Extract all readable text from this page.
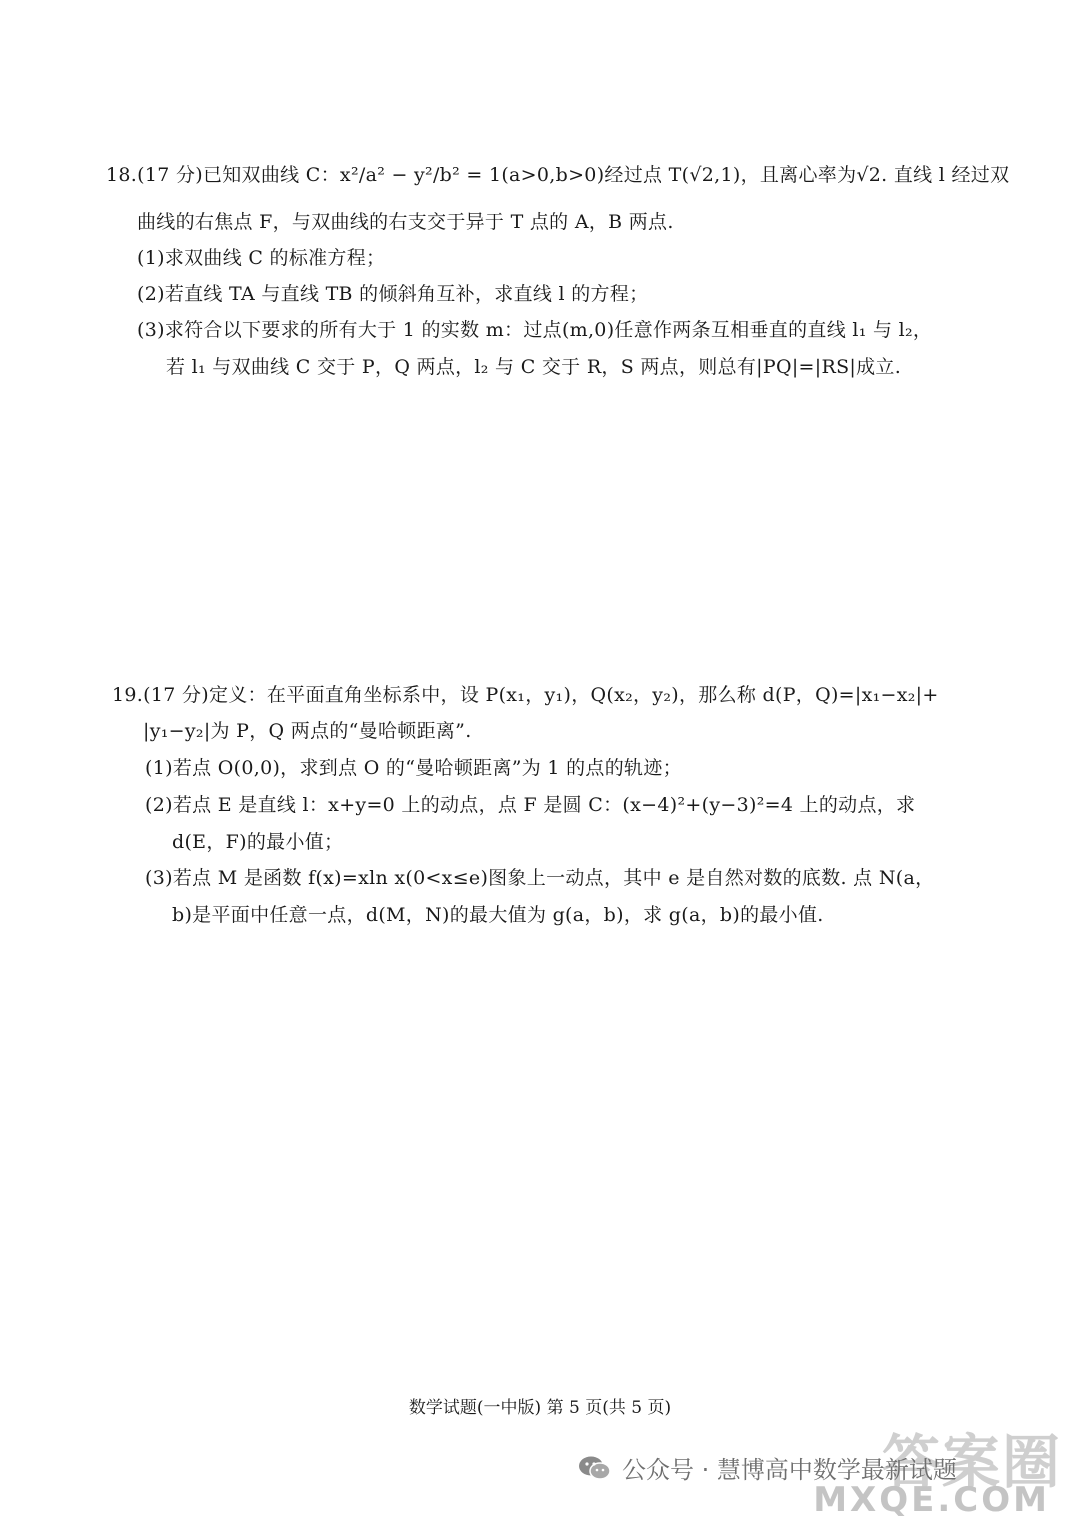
18.(17 分)已知双曲线 C：x²/a² − y²/b² = 1(a>0,b>0)经过点 T(√2,1)，且离心率为√2. 直线 l 经过双
曲线的右焦点 F，与双曲线的右支交于异于 T 点的 A，B 两点.
(1)求双曲线 C 的标准方程；
(2)若直线 TA 与直线 TB 的倾斜角互补，求直线 l 的方程；
(3)求符合以下要求的所有大于 1 的实数 m：过点(m,0)任意作两条互相垂直的直线 l₁ 与 l₂，
若 l₁ 与双曲线 C 交于 P，Q 两点，l₂ 与 C 交于 R，S 两点，则总有|PQ|=|RS|成立.
19.(17 分)定义：在平面直角坐标系中，设 P(x₁，y₁)，Q(x₂，y₂)，那么称 d(P，Q)=|x₁−x₂|+
|y₁−y₂|为 P，Q 两点的“曼哈顿距离”.
(1)若点 O(0,0)，求到点 O 的“曼哈顿距离”为 1 的点的轨迹；
(2)若点 E 是直线 l：x+y=0 上的动点，点 F 是圆 C：(x−4)²+(y−3)²=4 上的动点，求
d(E，F)的最小值；
(3)若点 M 是函数 f(x)=xln x(0<x≤e)图象上一动点，其中 e 是自然对数的底数. 点 N(a，
b)是平面中任意一点，d(M，N)的最大值为 g(a，b)，求 g(a，b)的最小值.
数学试题(一中版) 第 5 页(共 5 页)
答案圈
MXQE.COM
公众号 · 慧博高中数学最新试题
